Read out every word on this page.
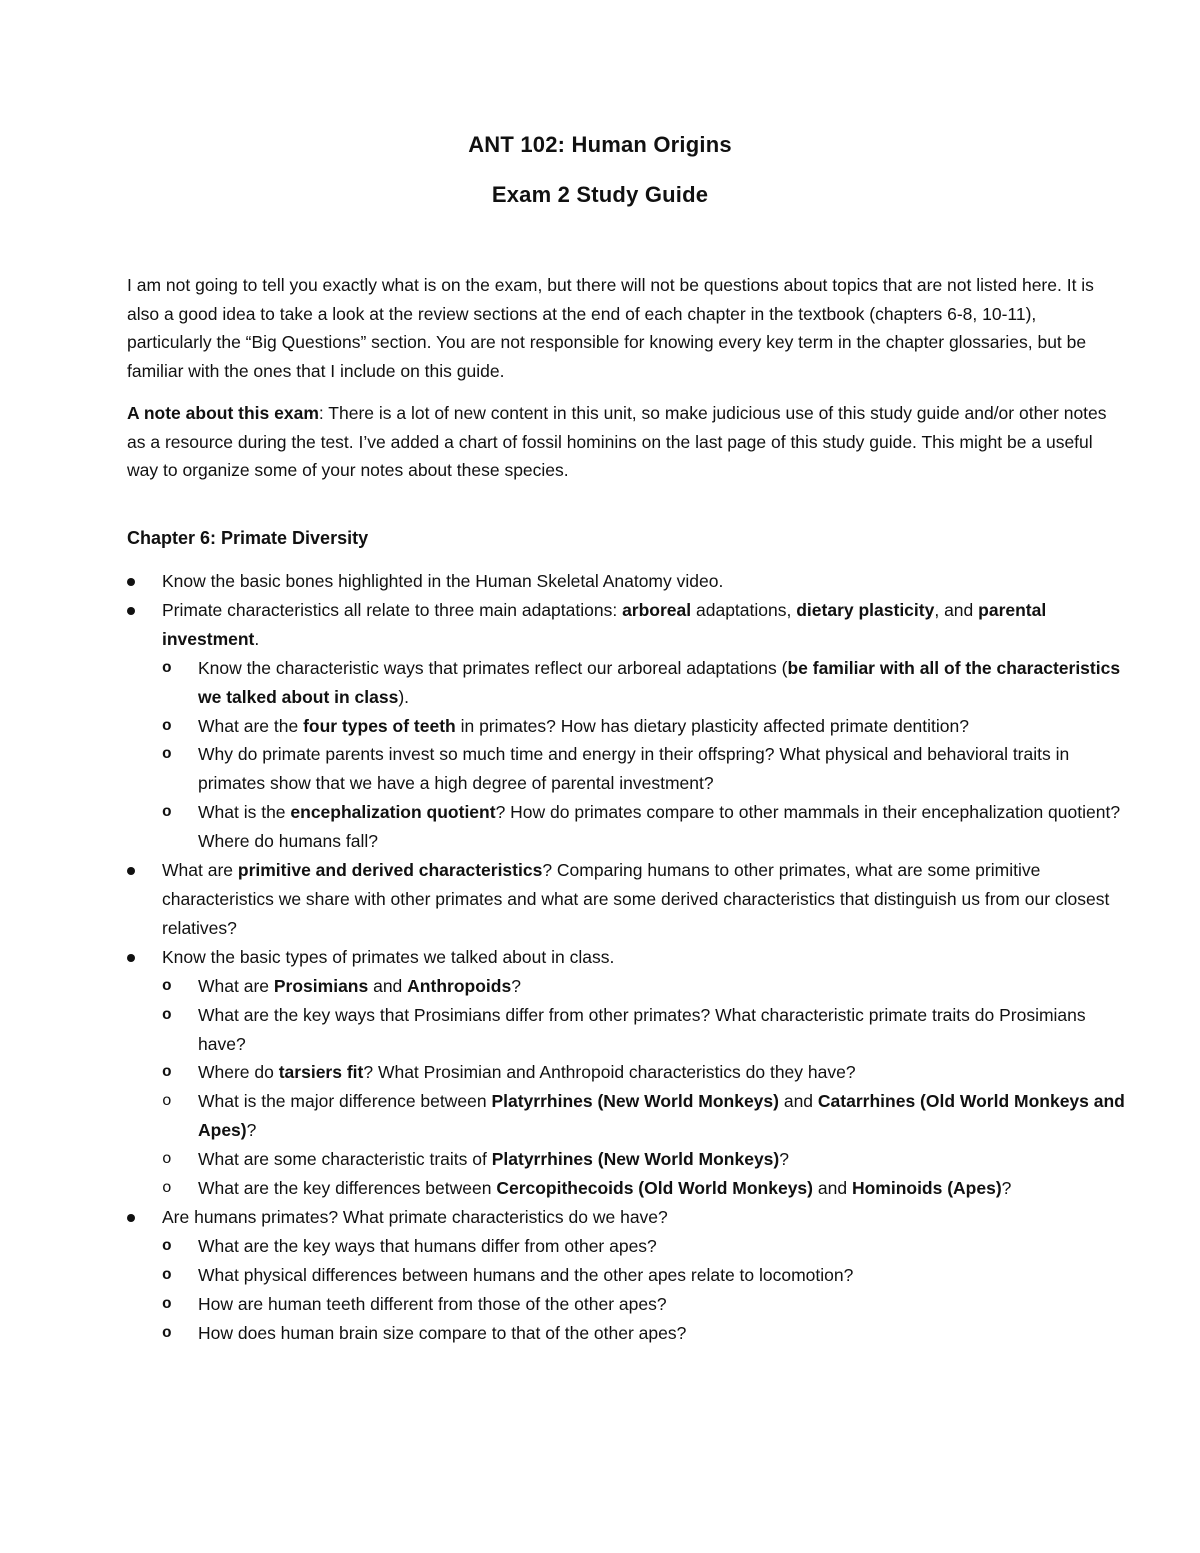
ANT 102: Human Origins
Exam 2 Study Guide

I am not going to tell you exactly what is on the exam, but there will not be questions about topics that are not listed here. It is also a good idea to take a look at the review sections at the end of each chapter in the textbook (chapters 6-8, 10-11), particularly the “Big Questions” section. You are not responsible for knowing every key term in the chapter glossaries, but be familiar with the ones that I include on this guide.

A note about this exam: There is a lot of new content in this unit, so make judicious use of this study guide and/or other notes as a resource during the test. I’ve added a chart of fossil hominins on the last page of this study guide. This might be a useful way to organize some of your notes about these species.

Chapter 6: Primate Diversity
Know the basic bones highlighted in the Human Skeletal Anatomy video.
Primate characteristics all relate to three main adaptations: arboreal adaptations, dietary plasticity, and parental investment.
o Know the characteristic ways that primates reflect our arboreal adaptations (be familiar with all of the characteristics we talked about in class).
o What are the four types of teeth in primates? How has dietary plasticity affected primate dentition?
o Why do primate parents invest so much time and energy in their offspring? What physical and behavioral traits in primates show that we have a high degree of parental investment?
o What is the encephalization quotient? How do primates compare to other mammals in their encephalization quotient? Where do humans fall?
What are primitive and derived characteristics? Comparing humans to other primates, what are some primitive characteristics we share with other primates and what are some derived characteristics that distinguish us from our closest relatives?
Know the basic types of primates we talked about in class.
o What are Prosimians and Anthropoids?
o What are the key ways that Prosimians differ from other primates? What characteristic primate traits do Prosimians have?
o Where do tarsiers fit? What Prosimian and Anthropoid characteristics do they have?
o What is the major difference between Platyrrhines (New World Monkeys) and Catarrhines (Old World Monkeys and Apes)?
o What are some characteristic traits of Platyrrhines (New World Monkeys)?
o What are the key differences between Cercopithecoids (Old World Monkeys) and Hominoids (Apes)?
Are humans primates? What primate characteristics do we have?
o What are the key ways that humans differ from other apes?
o What physical differences between humans and the other apes relate to locomotion?
o How are human teeth different from those of the other apes?
o How does human brain size compare to that of the other apes?
